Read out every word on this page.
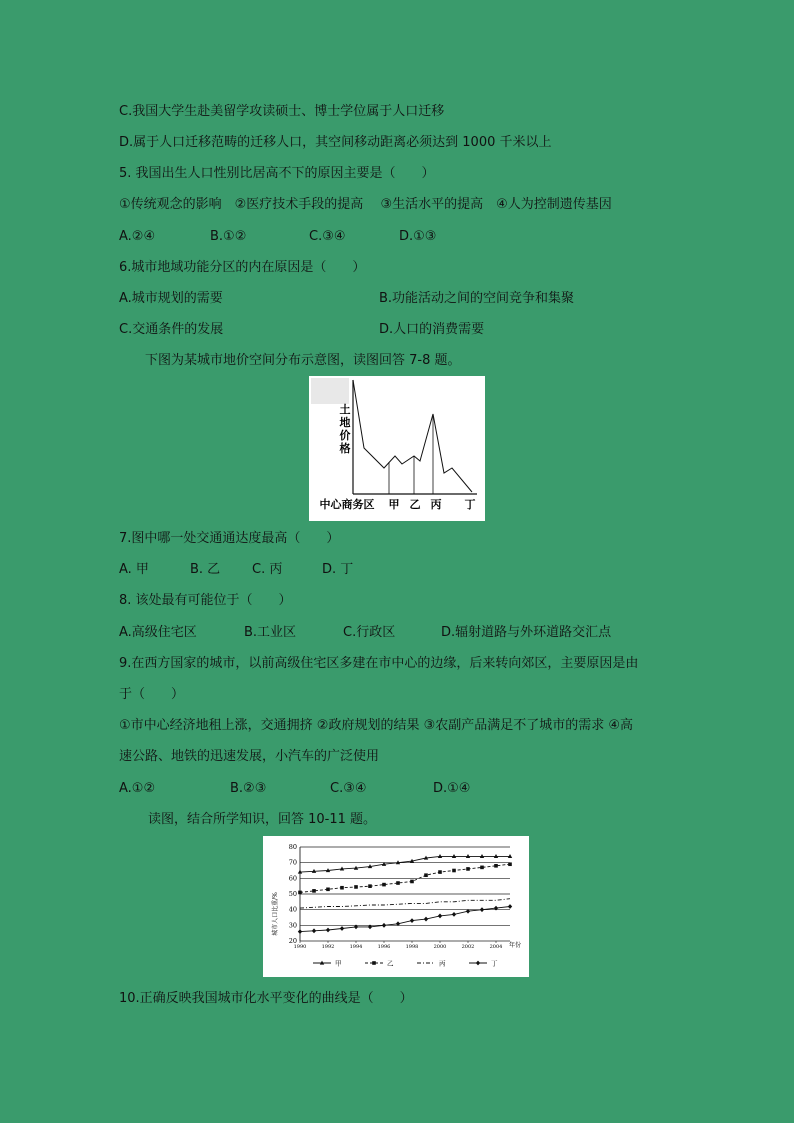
C.我国大学生赴美留学攻读硕士、博士学位属于人口迁移
D.属于人口迁移范畴的迁移人口，其空间移动距离必须达到 1000 千米以上
5. 我国出生人口性别比居高不下的原因主要是（　　）
①传统观念的影响　②医疗技术手段的提高　 ③生活水平的提高　④人为控制遗传基因
A.②④	B.①②	C.③④	D.①③
6.城市地域功能分区的内在原因是（　　）
A.城市规划的需要	B.功能活动之间的空间竞争和集聚
C.交通条件的发展	D.人口的消费需要
下图为某城市地价空间分布示意图，读图回答 7-8 题。
土
地
价
格
中心商务区 甲 乙 丙 丁
7.图中哪一处交通通达度最高（　　）
A. 甲	B. 乙 C. 丙	D. 丁
8. 该处最有可能位于（　　）
A.高级住宅区	B.工业区	C.行政区	D.辐射道路与外环道路交汇点
9.在西方国家的城市，以前高级住宅区多建在市中心的边缘，后来转向郊区，主要原因是由
于（　　）
①市中心经济地租上涨，交通拥挤 ②政府规划的结果 ③农副产品满足不了城市的需求 ④高
速公路、地铁的迅速发展，小汽车的广泛使用
A.①②	B.②③	C.③④	D.①④
读图，结合所学知识，回答 10-11 题。
城市人口比重/%
年份
20
30
40
50
60
70
80
1990	1992	1994	1996	1998	2000	2002	2004
甲	乙	丙	丁
10.正确反映我国城市化水平变化的曲线是（　　）
